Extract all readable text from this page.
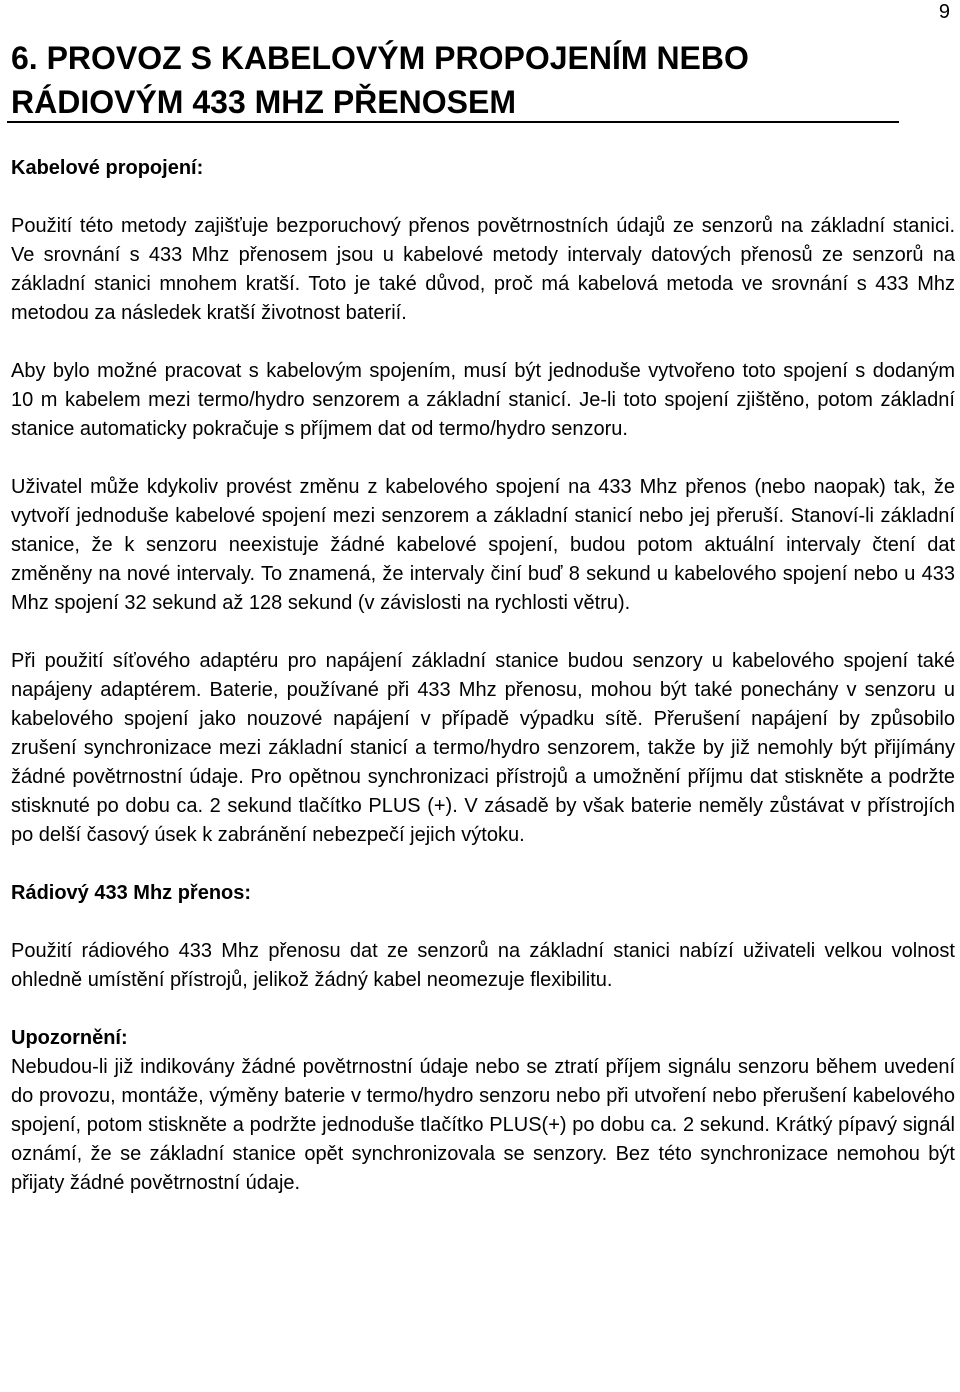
9
6. PROVOZ S KABELOVÝM PROPOJENÍM NEBO RÁDIOVÝM 433 MHZ PŘENOSEM
Kabelové propojení:

Použití této metody zajišťuje bezporuchový přenos povětrnostních údajů ze senzorů na základní stanici. Ve srovnání s 433 Mhz přenosem jsou u kabelové metody intervaly datových přenosů ze senzorů na základní stanici mnohem kratší. Toto je také důvod, proč má kabelová metoda ve srovnání s 433 Mhz metodou za následek kratší životnost baterií.

Aby bylo možné pracovat s kabelovým spojením, musí být jednoduše vytvořeno toto spojení s dodaným 10 m kabelem mezi termo/hydro senzorem a základní stanicí. Je-li toto spojení zjištěno, potom základní stanice automaticky pokračuje s příjmem dat od termo/hydro senzoru.

Uživatel může kdykoliv provést změnu z kabelového spojení na 433 Mhz přenos (nebo naopak) tak, že vytvoří jednoduše kabelové spojení mezi senzorem a základní stanicí nebo jej přeruší. Stanoví-li základní stanice, že k senzoru neexistuje žádné kabelové spojení, budou potom aktuální intervaly čtení dat změněny na nové intervaly. To znamená, že intervaly činí buď 8 sekund u kabelového spojení nebo u 433 Mhz spojení 32 sekund až 128 sekund (v závislosti na rychlosti větru).

Při použití síťového adaptéru pro napájení základní stanice budou senzory u kabelového spojení také napájeny adaptérem. Baterie, používané při 433 Mhz přenosu, mohou být také ponechány v senzoru u kabelového spojení jako nouzové napájení v případě výpadku sítě. Přerušení napájení by způsobilo zrušení synchronizace mezi základní stanicí a termo/hydro senzorem, takže by již nemohly být přijímány žádné povětrnostní údaje. Pro opětnou synchronizaci přístrojů a umožnění příjmu dat stiskněte a podržte stisknuté po dobu ca. 2 sekund tlačítko PLUS (+). V zásadě by však baterie neměly zůstávat v přístrojích po delší časový úsek k zabránění nebezpečí jejich výtoku.

Rádiový 433 Mhz přenos:

Použití rádiového 433 Mhz přenosu dat ze senzorů na základní stanici nabízí uživateli velkou volnost ohledně umístění přístrojů, jelikož žádný kabel neomezuje flexibilitu.

Upozornění:

Nebudou-li již indikovány žádné povětrnostní údaje nebo se ztratí příjem signálu senzoru během uvedení do provozu, montáže, výměny baterie v termo/hydro senzoru nebo při utvoření nebo přerušení kabelového spojení, potom stiskněte a podržte jednoduše tlačítko PLUS(+) po dobu ca. 2 sekund. Krátký pípavý signál oznámí, že se základní stanice opět synchronizovala se senzory. Bez této synchronizace nemohou být přijaty žádné povětrnostní údaje.
